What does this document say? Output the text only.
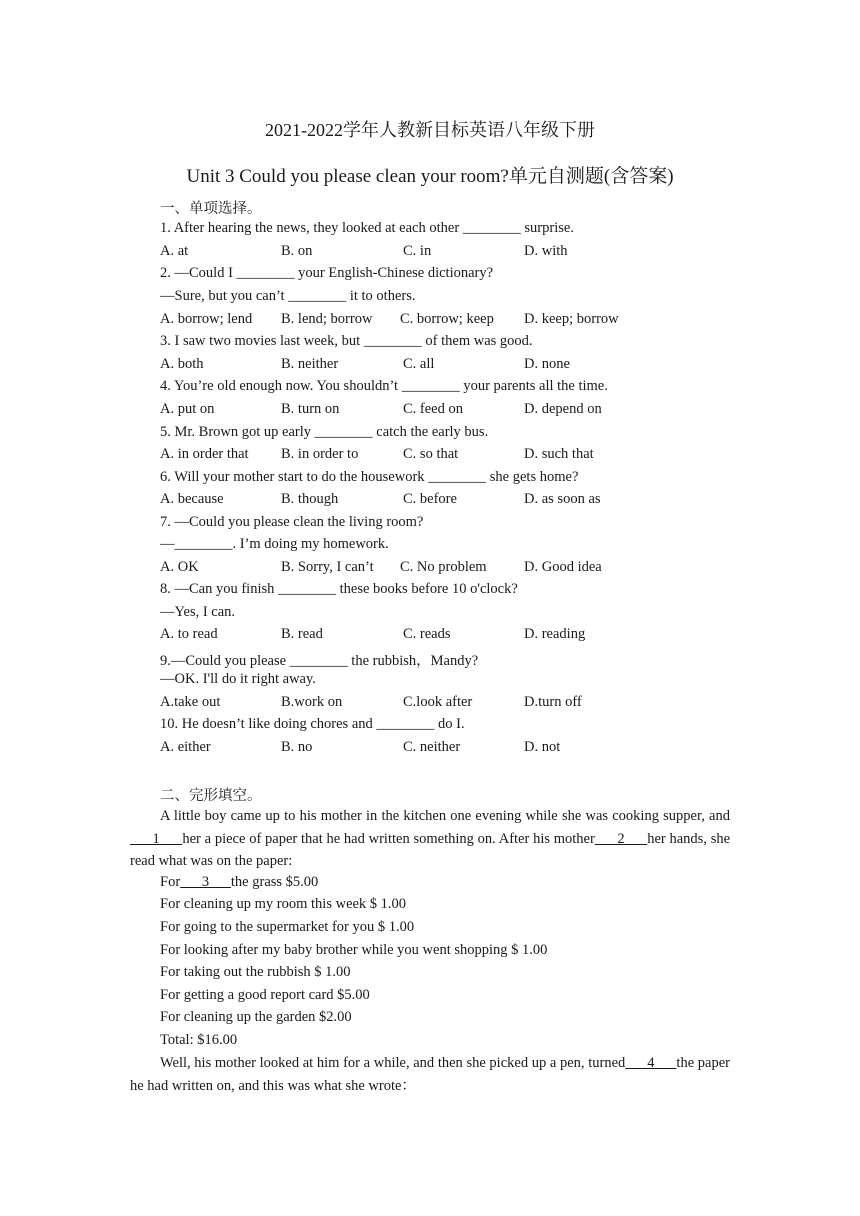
2021-2022学年人教新目标英语八年级下册
Unit 3 Could you please clean your room?单元自测题(含答案)
一、单项选择。
1. After hearing the news, they looked at each other ________ surprise.
A. at	B. on	C. in	D. with
2. —Could I ________ your English-Chinese dictionary?
—Sure, but you can’t ________ it to others.
A. borrow; lend B. lend; borrow C. borrow; keep D. keep; borrow
3. I saw two movies last week, but ________ of them was good.
A. both	B. neither	C. all	D. none
4. You’re old enough now. You shouldn’t ________ your parents all the time.
A. put on	B. turn on	C. feed on	D. depend on
5. Mr. Brown got up early ________ catch the early bus.
A. in order that B. in order to	C. so that	D. such that
6. Will your mother start to do the housework ________ she gets home?
A. because	B. though	C. before	D. as soon as
7. —Could you please clean the living room?
—________. I’m doing my homework.
A. OK	B. Sorry, I can’t C. No problem	D. Good idea
8. —Can you finish ________ these books before 10 o'clock?
—Yes, I can.
A. to read	B. read	C. reads	D. reading
9.—Could you please ________ the rubbish，Mandy?
—OK. I'll do it right away.
A.take out	B.work on	C.look after	D.turn off
10. He doesn’t like doing chores and ________ do I.
A. either	B. no	C. neither	D. not
二、完形填空。
A little boy came up to his mother in the kitchen one evening while she was cooking supper, and      1      her a piece of paper that he had written something on. After his mother      2      her hands, she read what was on the paper:
For      3      the grass $5.00
For cleaning up my room this week $ 1.00
For going to the supermarket for you $ 1.00
For looking after my baby brother while you went shopping $ 1.00
For taking out the rubbish $ 1.00
For getting a good report card $5.00
For cleaning up the garden $2.00
Total: $16.00
Well, his mother looked at him for a while, and then she picked up a pen, turned      4      the paper he had written on, and this was what she wrote：
